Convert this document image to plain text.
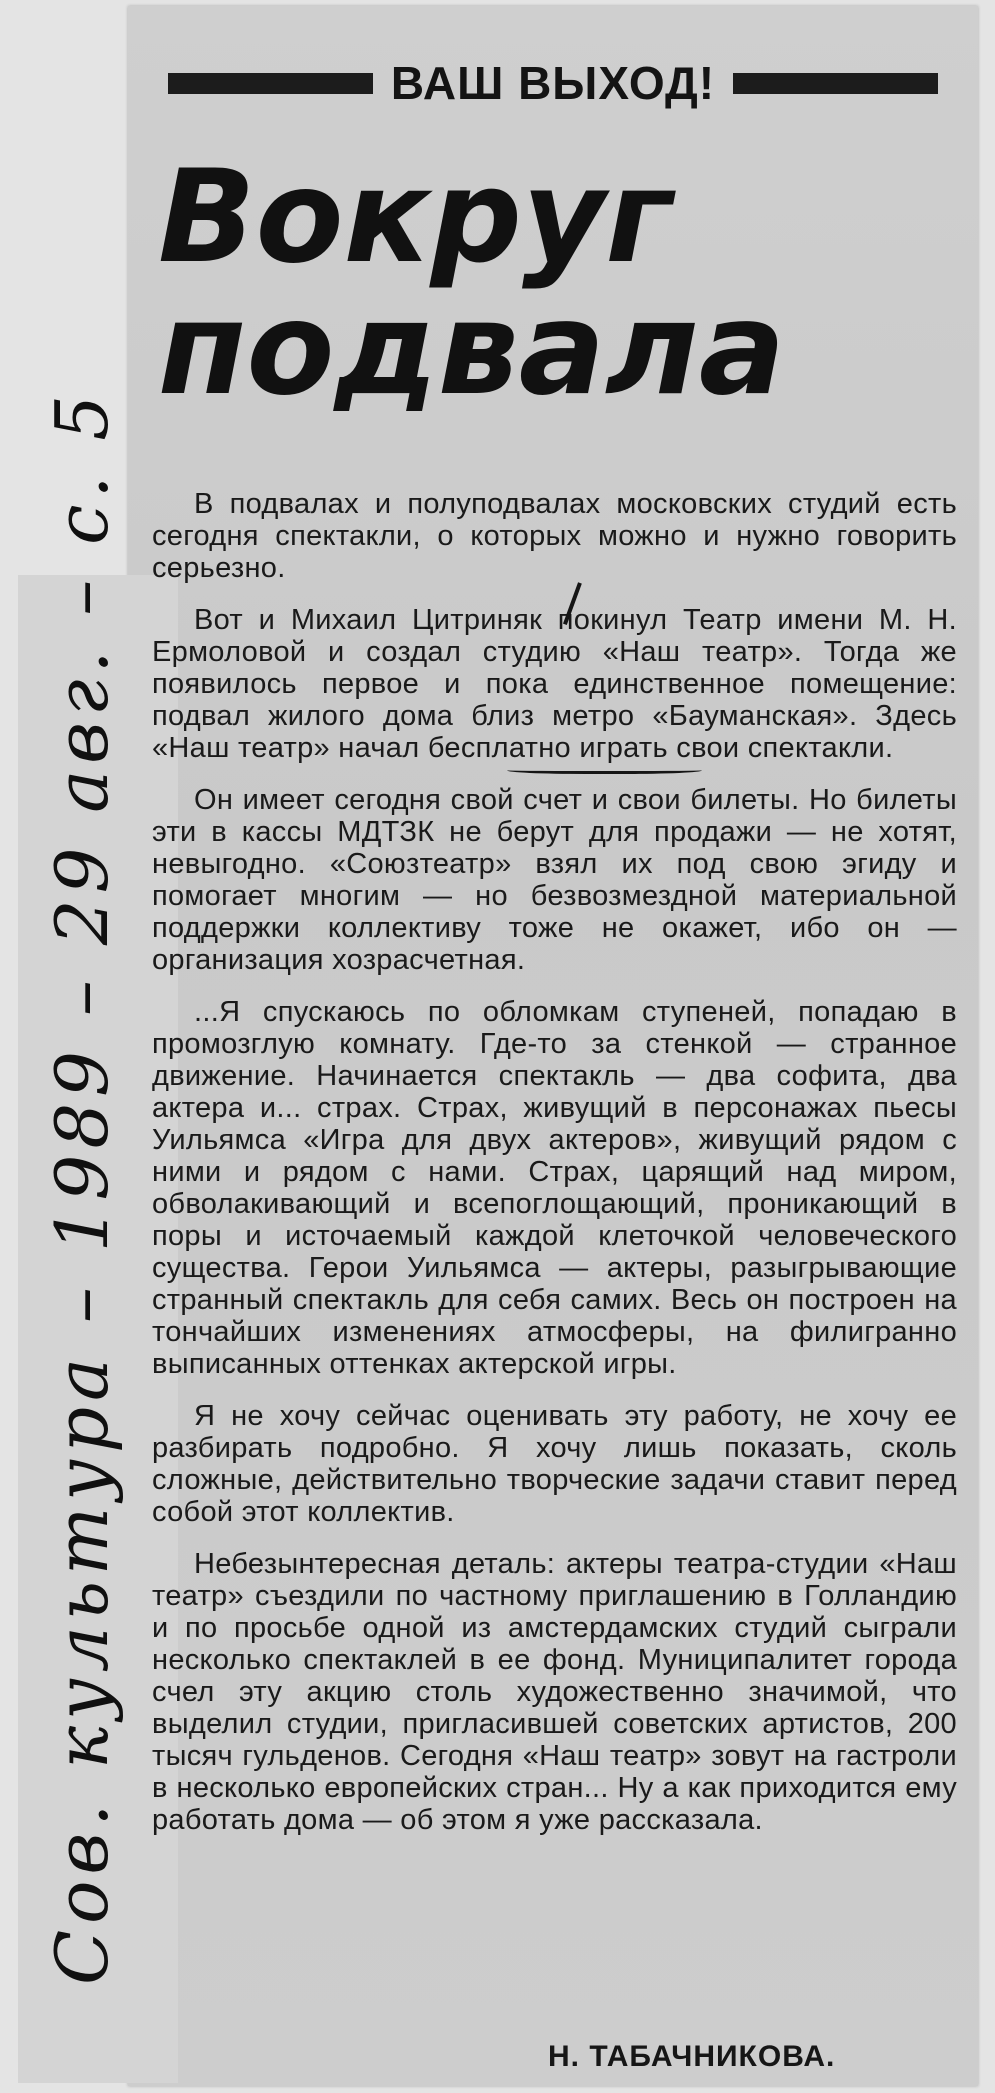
ВАШ ВЫХОД!
Вокруг
подвала

В подвалах и полуподвалах московских студий есть сегодня спектакли, о которых можно и нужно говорить серьезно.

Вот и Михаил Цитриняк покинул Театр имени М. Н. Ермоловой и создал студию «Наш театр». Тогда же появилось первое и пока единственное помещение: подвал жилого дома близ метро «Бауманская». Здесь «Наш театр» начал бесплатно играть свои спектакли.

Он имеет сегодня свой счет и свои билеты. Но билеты эти в кассы МДТЗК не берут для продажи — не хотят, невыгодно. «Союзтеатр» взял их под свою эгиду и помогает многим — но безвозмездной материальной поддержки коллективу тоже не окажет, ибо он — организация хозрасчетная.

...Я спускаюсь по обломкам ступеней, попадаю в промозглую комнату. Где-то за стенкой — странное движение. Начинается спектакль — два софита, два актера и... страх. Страх, живущий в персонажах пьесы Уильямса «Игра для двух актеров», живущий рядом с ними и рядом с нами. Страх, царящий над миром, обволакивающий и всепоглощающий, проникающий в поры и источаемый каждой клеточкой человеческого существа. Герои Уильямса — актеры, разыгрывающие странный спектакль для себя самих. Весь он построен на тончайших изменениях атмосферы, на филигранно выписанных оттенках актерской игры.

Я не хочу сейчас оценивать эту работу, не хочу ее разбирать подробно. Я хочу лишь показать, сколь сложные, действительно творческие задачи ставит перед собой этот коллектив.

Небезынтересная деталь: актеры театра-студии «Наш театр» съездили по частному приглашению в Голландию и по просьбе одной из амстердамских студий сыграли несколько спектаклей в ее фонд. Муниципалитет города счел эту акцию столь художественно значимой, что выделил студии, пригласившей советских артистов, 200 тысяч гульденов. Сегодня «Наш театр» зовут на гастроли в несколько европейских стран... Ну а как приходится ему работать дома — об этом я уже рассказала.

Н. ТАБАЧНИКОВА.
Сов. культура – 1989 – 29 авг. – с. 5
